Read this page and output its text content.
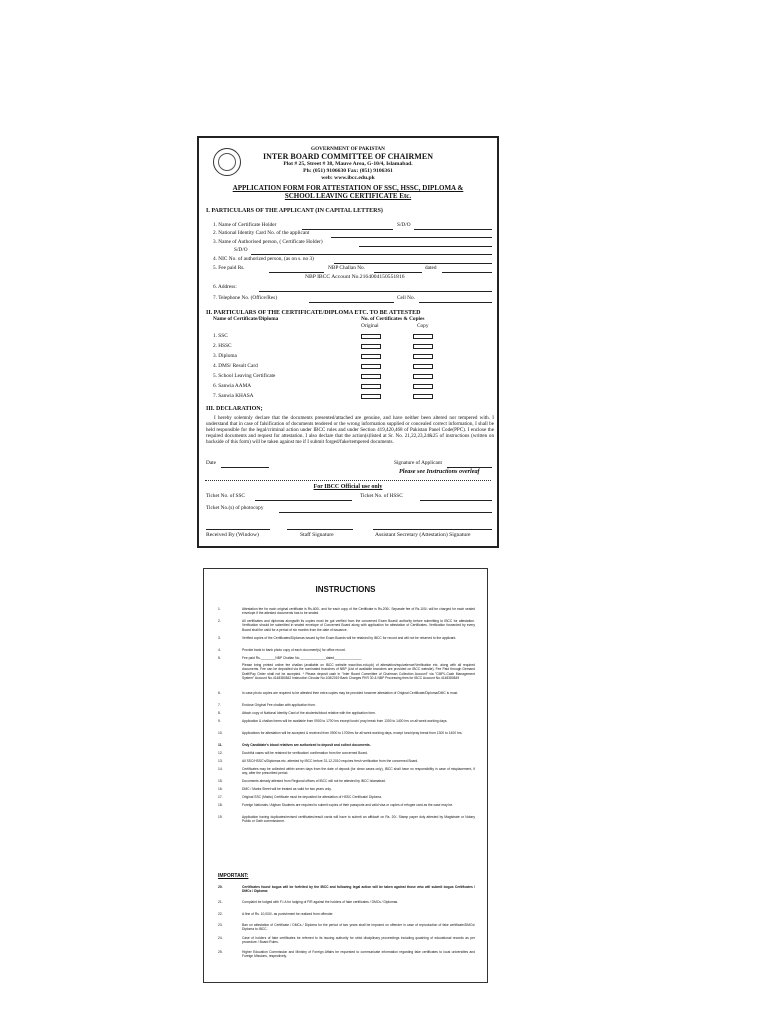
GOVERNMENT OF PAKISTAN
INTER BOARD COMMITTEE OF CHAIRMEN
Plot # 25, Street # 38, Mauve Area, G-10/4, Islamabad.
Ph: (051) 9106630 Fax: (051) 9106361
web: www.ibcc.edu.pk
APPLICATION FORM FOR ATTESTATION OF SSC, HSSC, DIPLOMA &
SCHOOL LEAVING CERTIFICATE Etc.
I. PARTICULARS OF THE APPLICANT (IN CAPITAL LETTERS)
1. Name of Certificate Holder	S/D/O
2. National Identity Card No. of the applicant
3. Name of Authorised person, ( Certificate Holder)
S/D/O
4. NIC No. of authorized person, (as on s. no 3)
5. Fee paid Rs.	NBP Challan No.	dated
NBP IBCC Account No.2164004150551816
6. Address:
7. Telephone No. (Office/Res)	Cell No.
II. PARTICULARS OF THE CERTIFICATE/DIPLOMA ETC. TO BE ATTESTED
Name of Certificate/Diploma	No. of Certificates & Copies
Original	Copy
1. SSC
2. HSSC
3. Diploma
4. DMS/ Result Card
5. School Leaving Certificate
6. Sanwia AAMA
7. Sanwia KHASA
III. DECLARATION;
I hereby solemnly declare that the documents presented/attached are genuine, and have neither been altered nor tempered with. I understand that in case of falsification of documents tendered or the wrong information supplied or concealed correct information, I shall be held responsible for the legal/criminal action under IBCC rules and under Section 419,420,468 of Pakistan Panel Code(PPC). I enclose the required documents and request for attestation. I also declare that the action(s)listed at Sr. No. 21,22,23,24&25 of instructions (written on backside of this form) will be taken against me if I submit forged/fake/tempered documents.
Date	Signature of Applicant
Please see Instructions overleaf
For IBCC Official use only
Ticket No. of SSC	Ticket No. of HSSC
Ticket No.(s) of photocopy
Received By (Window)	Staff Signature	Assistant Secretary (Attestation) Signature
INSTRUCTIONS
1.	Attestation fee for each original certificate is Rs.400/- and for each copy of the Certificate is Rs.200/- Separate fee of Rs.100/- will be charged for each sealed envelope if the attested documents has to be sealed.
2.	All certificates and diplomas alongwith its copies must be got verified from the concerned Exam Board/ authority before submitting to IBCC for attestation. Verification should be submitted in sealed envelope of Concerned Board along with application for attestation of Certificates. Verification forwarded by every Board shall be valid for a period of six months from the date of issuance.
3.	Verified copies of the Certificates/Diplomas issued by the Exam Boards will be retained by IBCC for record and will not be returned to the applicant.
4.	Provide bank to bank photo copy of each document(s) for office record.
5.	Fee paid Rs.________NBP Challan No.______________dated_______________
Please bring printed online fee challan (available on IBCC website www.ibcc.edu.pk) of attestation/equivalence/Verification etc. along with all required documents. Fee can be deposited via the nominated branches of NBP (List of available branches are provided on IBCC website). Fee Paid through Demand Draft/Pay Order shall not be accepted. * Please deposit cash in "Inter Board Committee of Chairman Collection Account" via "CMPL-Cash Management System" Account No.4148380842 Instruction Circular No.108/2019 Bank Charges PKR 30 & NBP Processing fees for IBCC Account No.4148380849
6.	In case photo copies are required to be attested then extra copies may be provided however attestation of Original Certificate/Diploma/DMC is must.
7.	Enclose Original Fee challan with application from.
8.	Attach copy of National Identity Card of the students/blood relative with the application form.
9.	Application & challan forms will be available from 0900 to 1700 hrs except lunch/ pray break from 1300 to 1400 hrs on all week working days.
10.	Applications for attestation will be accepted & received from 0900 to 1700hrs for all week working days, except lunch/pray break from 1300 to 1400 hrs.
11.	Only Candidate's blood relatives are authorized to deposit and collect documents.
12.	Doubtful cases will be retained for verification/ confirmation from the concerned Board.
13.	All SSC/HSSC's/Diplomas etc. attested by IBCC before 31-12-2010 requires fresh verification from the concerned Board.
14.	Certificates may be collected within seven days from the date of deposit (for clean cases only), IBCC shall have no responsibility in case of misplacement, if any, after the prescribed period.
15.	Documents already attested from Regional offices of IBCC will not be attested by IBCC Islamabad.
16.	DMC / Marks Sheet will be treated as valid for two years only.
17.	Original SSC (Matric) Certificate must be deposited for attestation of HSSC Certificate/ Diploma.
18.	Foreign Nationals / Afghan Students are required to submit copies of their passports and valid visa or copies of refugee card as the case may be.
19.	Application having duplicates/revised certificates/result cards will have to submit an affidavit on Rs. 20/- Stamp paper duly attested by Magistrate or Notary Public or Oath commissioner.
IMPORTANT:
20.	Certificates found bogus will be forfeited by the IBCC and following legal action will be taken against those who will submit bogus Certificates / DMCs / Diploma:
21.	Complaint be lodged with F.I.A for lodging of FIR against the holders of fake certificates / DMCs / Diplomas.
22.	A fine of Rs. 10,000/- as punishment be realized from offender.
23.	Ban on attestation of Certificate / DMCs / Diploma for the period of two years shall be imposed on offender in case of reproduction of fake certificate/DMCs/ Diploma to IBCC.
24.	Case of holders of fake certificates be referred to its issuing authority for strict disciplinary proceedings including quashing of educational records as per procedure / Board Rules.
25.	Higher Education Commission and Ministry of Foreign Affairs be requested to communicate information regarding fake certificates to local universities and Foreign Missions, respectively.
